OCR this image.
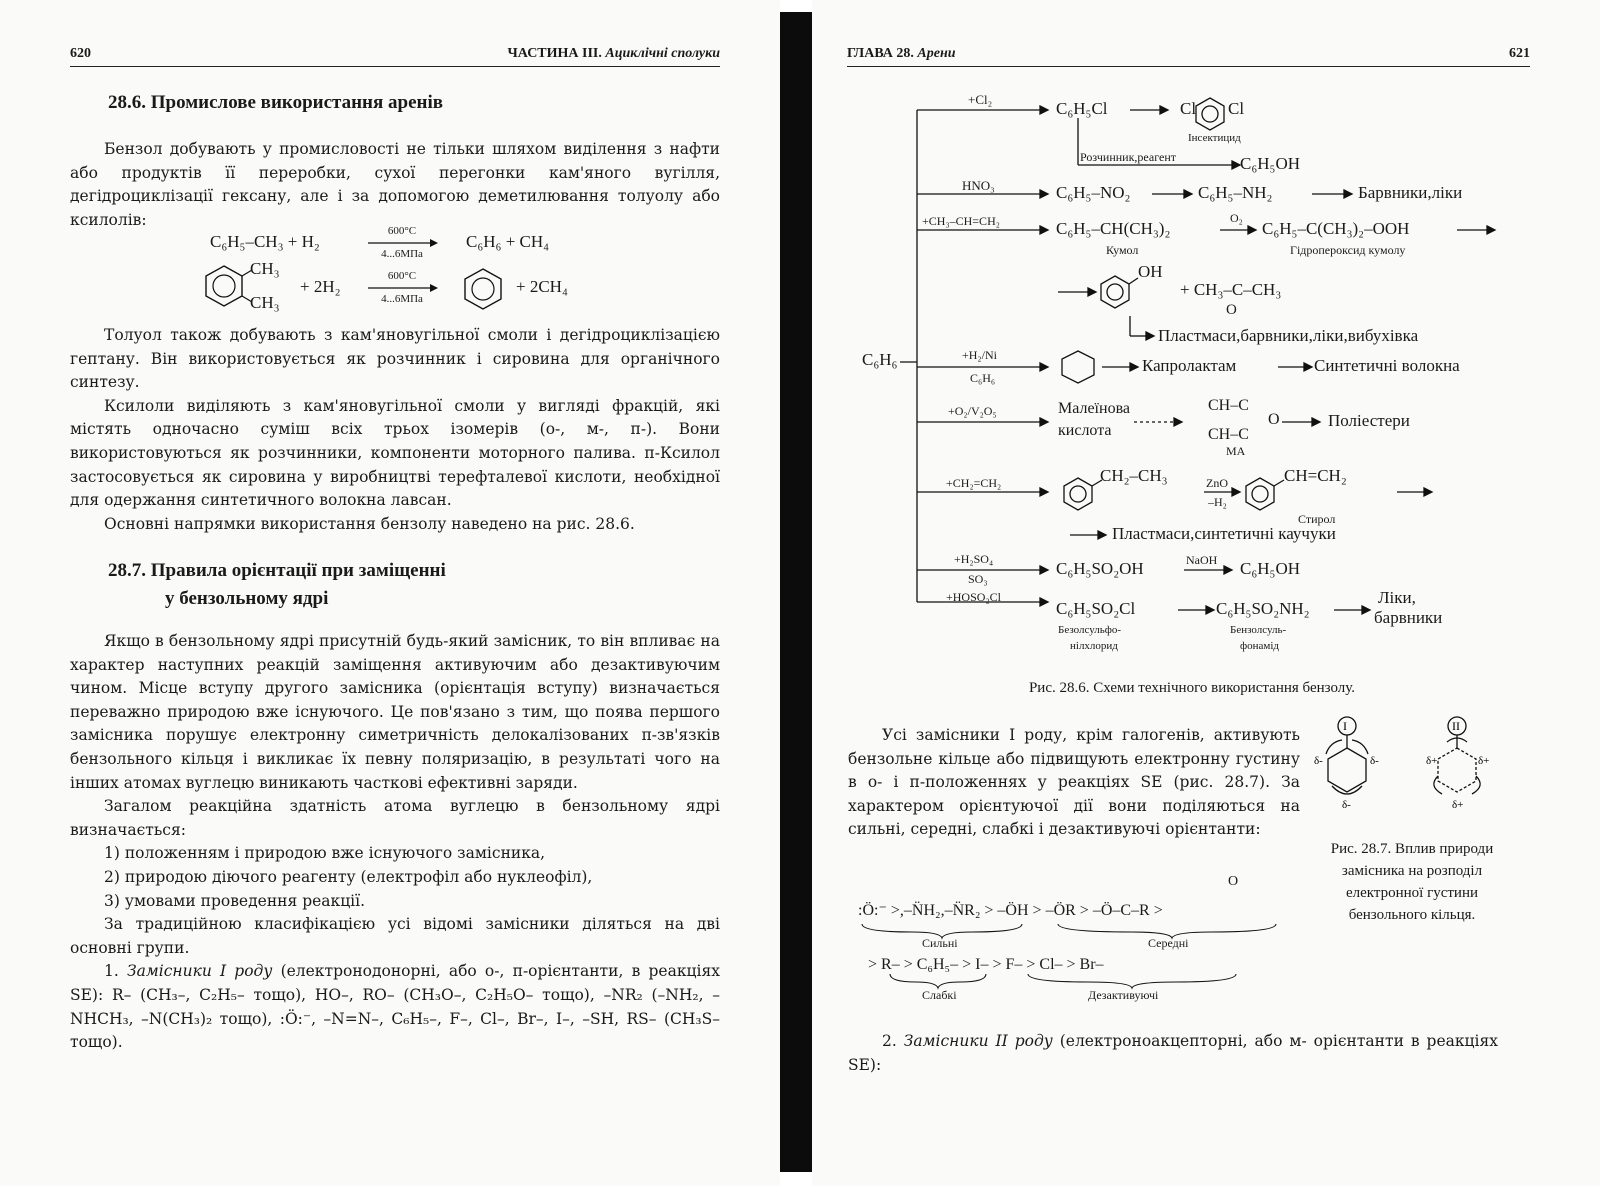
620	ЧАСТИНА III. Ациклічні сполуки
28.6. Промислове використання аренів
Бензол добувають у промисловості не тільки шляхом виділення з нафти або продуктів її переробки, сухої перегонки кам'яного вугілля, дегідроциклізації гексану, але і за допомогою деметилювання толуолу або ксилолів:
C₆H₅–CH₃ + H₂
600°C
4...6МПа
C₆H₆ + CH₄
CH₃
CH₃
+ 2H₂
600°C
4...6МПа
+ 2CH₄

Толуол також добувають з кам'яновугільної смоли і дегідроциклізацією гептану. Він використовується як розчинник і сировина для органічного синтезу.

Ксилоли виділяють з кам'яновугільної смоли у вигляді фракцій, які містять одночасно суміш всіх трьох ізомерів (о-, м-, п-). Вони використовуються як розчинники, компоненти моторного палива. п-Ксилол застосовується як сировина у виробництві терефталевої кислоти, необхідної для одержання синтетичного волокна лавсан.

Основні напрямки використання бензолу наведено на рис. 28.6.

28.7. Правила орієнтації при заміщенні
у бензольному ядрі

Якщо в бензольному ядрі присутній будь-який замісник, то він впливає на характер наступних реакцій заміщення активуючим або дезактивуючим чином. Місце вступу другого замісника (орієнтація вступу) визначається переважно природою вже існуючого. Це пов'язано з тим, що поява першого замісника порушує електронну симетричність делокалізованих π-зв'язків бензольного кільця і викликає їх певну поляризацію, в результаті чого на інших атомах вуглецю виникають часткові ефективні заряди.

Загалом реакційна здатність атома вуглецю в бензольному ядрі визначається:

1) положенням і природою вже існуючого замісника,

2) природою діючого реагенту (електрофіл або нуклеофіл),

3) умовами проведення реакції.

За традиційною класифікацією усі відомі замісники діляться на дві основні групи.

1. Замісники I роду (електронодонорні, або о-, п-орієнтанти, в реакціях SE): R– (CH₃–, C₂H₅– тощо), HO–, RO– (CH₃O–, C₂H₅O– тощо), –NR₂ (–NH₂, –NHCH₃, –N(CH₃)₂ тощо), :Ö:⁻, –N=N–, C₆H₅–, F–, Cl–, Br–, I–, –SH, RS– (CH₃S– тощо).

ГЛАВА 28. Арени	621
C₆H₆
+Cl₂	C₆H₅Cl	Cl Cl
Інсектицид
Розчинник,реагент	C₆H₅OH
HNO₃	C₆H₅–NO₂	C₆H₅–NH₂	Барвники,ліки
+CH₃–CH=CH₂	C₆H₅–CH(CH₃)₂
Кумол
O₂
C₆H₅–C(CH₃)₂–OOH
Гідропероксид кумолу
OH
+ CH₃–C–CH₃
O
Пластмаси,барвники,ліки,вибухівка
+H₂/Ni
C₆H₆
Капролактам	Синтетичні волокна
+O₂/V₂O₅	Малеїнова
кислота
CH–C
CH–C
O
МА
Поліестери
+CH₂=CH₂	CH₂–CH₃	ZnO
–H₂
CH=CH₂
Стирол
Пластмаси,синтетичні каучуки
+H₂SO₄
SO₃
C₆H₅SO₂OH	NaOH C₆H₅OH
+HOSO₂Cl
C₆H₅SO₂Cl
Безолсульфо-
нілхлорид
C₆H₅SO₂NH₂
Бензолсуль-
фонамід
Ліки,
барвники
Рис. 28.6. Схеми технічного використання бензолу.
Усі замісники I роду, крім галогенів, активують бензольне кільце або підвищують електронну густину в о- і п-положеннях у реакціях SE (рис. 28.7). За характером орієнтуючої дії вони поділяються на сильні, середні, слабкі і дезактивуючі орієнтанти:
I	II
δ-	δ-
δ-
δ+	δ+
δ+
Рис. 28.7. Вплив природи замісника на розподіл електронної густини бензольного кільця.
O
:Ö:⁻ >,–N̈H₂,–N̈R₂ > –ÖH > –ÖR > –Ö–C–R >
Сильні	Середні
> R– > C₆H₅– > I– > F– > Cl– > Br–
Слабкі	Дезактивуючі
2. Замісники II роду (електроноакцепторні, або м- орієнтанти в реакціях SE):
